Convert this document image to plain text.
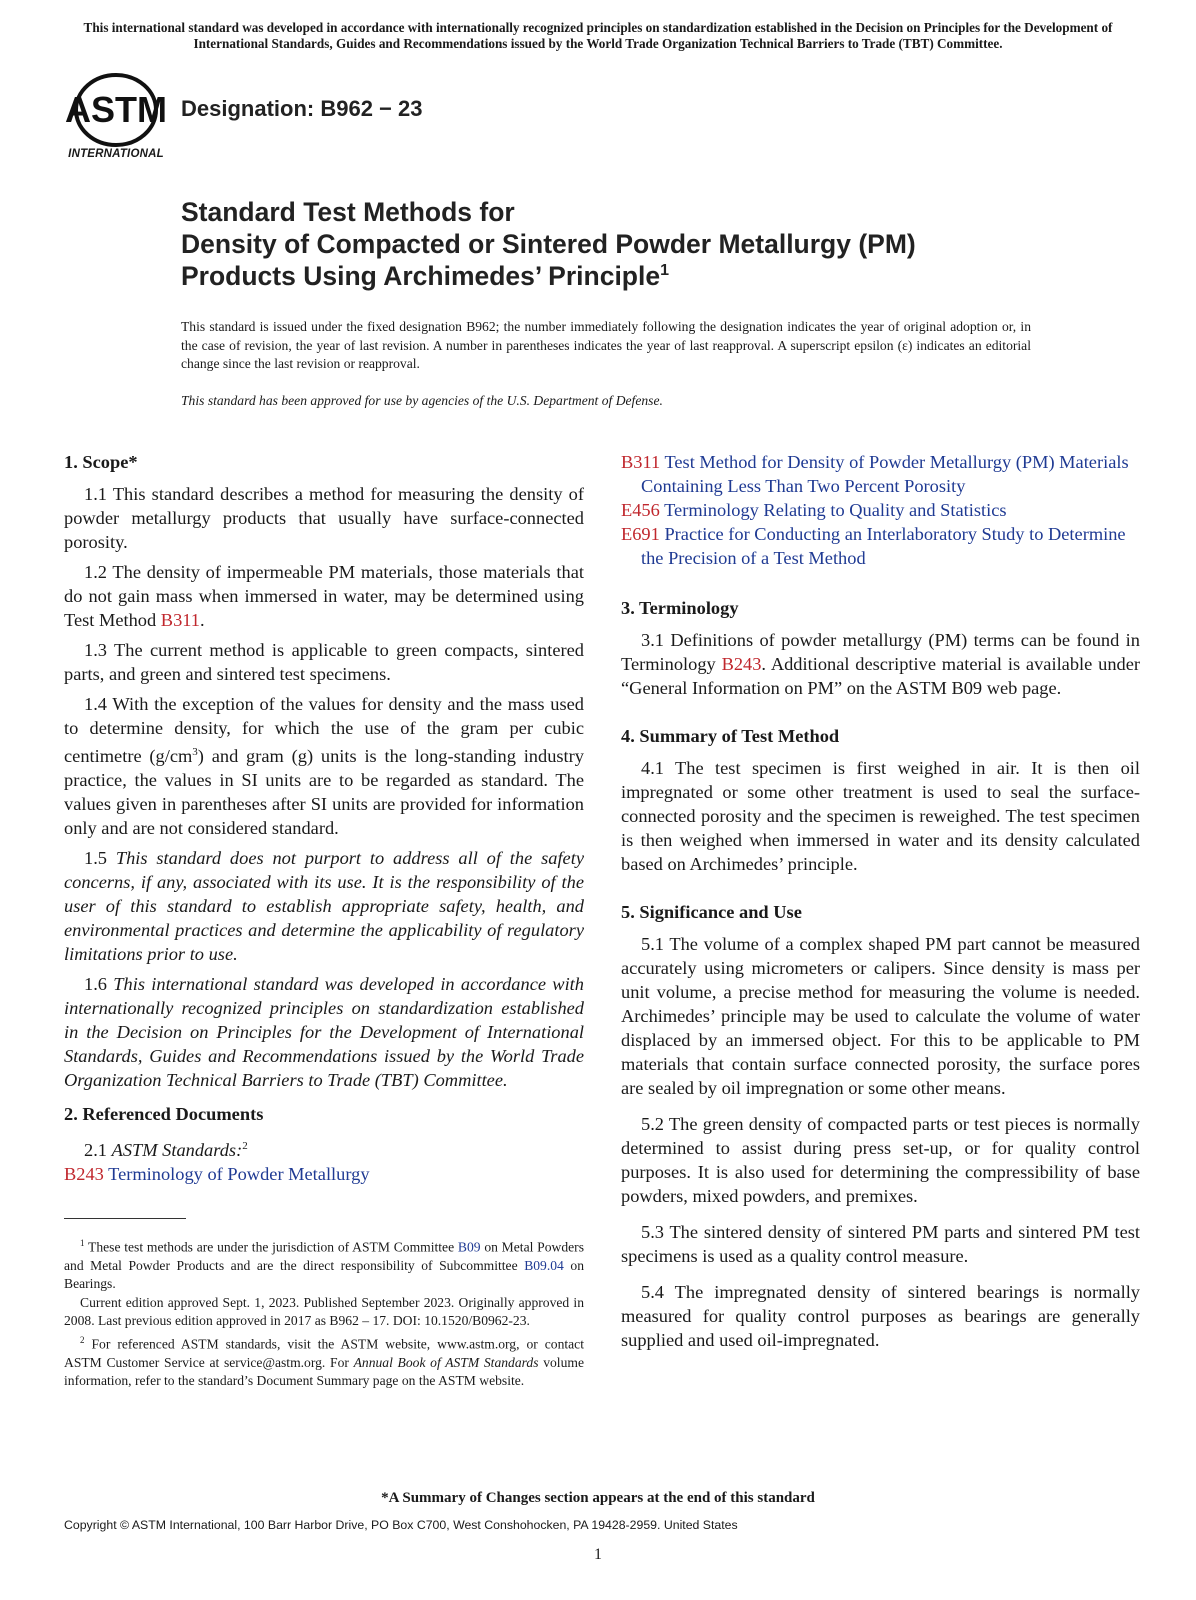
This international standard was developed in accordance with internationally recognized principles on standardization established in the Decision on Principles for the Development of International Standards, Guides and Recommendations issued by the World Trade Organization Technical Barriers to Trade (TBT) Committee.
ASTM
INTERNATIONAL
Designation: B962 − 23
Standard Test Methods for
Density of Compacted or Sintered Powder Metallurgy (PM)
Products Using Archimedes’ Principle$^1$
This standard is issued under the fixed designation B962; the number immediately following the designation indicates the year of original adoption or, in the case of revision, the year of last revision. A number in parentheses indicates the year of last reapproval. A superscript epsilon (ε) indicates an editorial change since the last revision or reapproval.
This standard has been approved for use by agencies of the U.S. Department of Defense.
1. Scope*

1.1 This standard describes a method for measuring the density of powder metallurgy products that usually have surface-connected porosity.

1.2 The density of impermeable PM materials, those materials that do not gain mass when immersed in water, may be determined using Test Method B311.

1.3 The current method is applicable to green compacts, sintered parts, and green and sintered test specimens.

1.4 With the exception of the values for density and the mass used to determine density, for which the use of the gram per cubic centimetre $(g/cm^3)$ and gram (g) units is the long-standing industry practice, the values in SI units are to be regarded as standard. The values given in parentheses after SI units are provided for information only and are not considered standard.

1.5 This standard does not purport to address all of the safety concerns, if any, associated with its use. It is the responsibility of the user of this standard to establish appropriate safety, health, and environmental practices and determine the applicability of regulatory limitations prior to use.

1.6 This international standard was developed in accordance with internationally recognized principles on standardization established in the Decision on Principles for the Development of International Standards, Guides and Recommendations issued by the World Trade Organization Technical Barriers to Trade (TBT) Committee.

2. Referenced Documents

2.1 ASTM Standards:$^2$

B243 Terminology of Powder Metallurgy

$^1$ These test methods are under the jurisdiction of ASTM Committee B09 on Metal Powders and Metal Powder Products and are the direct responsibility of Subcommittee B09.04 on Bearings.

Current edition approved Sept. 1, 2023. Published September 2023. Originally approved in 2008. Last previous edition approved in 2017 as B962 – 17. DOI: 10.1520/B0962-23.

$^2$ For referenced ASTM standards, visit the ASTM website, www.astm.org, or contact ASTM Customer Service at service@astm.org. For Annual Book of ASTM Standards volume information, refer to the standard’s Document Summary page on the ASTM website.

B311 Test Method for Density of Powder Metallurgy (PM) Materials Containing Less Than Two Percent Porosity

E456 Terminology Relating to Quality and Statistics

E691 Practice for Conducting an Interlaboratory Study to Determine the Precision of a Test Method

3. Terminology

3.1 Definitions of powder metallurgy (PM) terms can be found in Terminology B243. Additional descriptive material is available under “General Information on PM” on the ASTM B09 web page.

4. Summary of Test Method

4.1 The test specimen is first weighed in air. It is then oil impregnated or some other treatment is used to seal the surface-connected porosity and the specimen is reweighed. The test specimen is then weighed when immersed in water and its density calculated based on Archimedes’ principle.

5. Significance and Use

5.1 The volume of a complex shaped PM part cannot be measured accurately using micrometers or calipers. Since density is mass per unit volume, a precise method for measuring the volume is needed. Archimedes’ principle may be used to calculate the volume of water displaced by an immersed object. For this to be applicable to PM materials that contain surface connected porosity, the surface pores are sealed by oil impregnation or some other means.

5.2 The green density of compacted parts or test pieces is normally determined to assist during press set-up, or for quality control purposes. It is also used for determining the compressibility of base powders, mixed powders, and premixes.

5.3 The sintered density of sintered PM parts and sintered PM test specimens is used as a quality control measure.

5.4 The impregnated density of sintered bearings is normally measured for quality control purposes as bearings are generally supplied and used oil-impregnated.

*A Summary of Changes section appears at the end of this standard
Copyright © ASTM International, 100 Barr Harbor Drive, PO Box C700, West Conshohocken, PA 19428-2959. United States
1
